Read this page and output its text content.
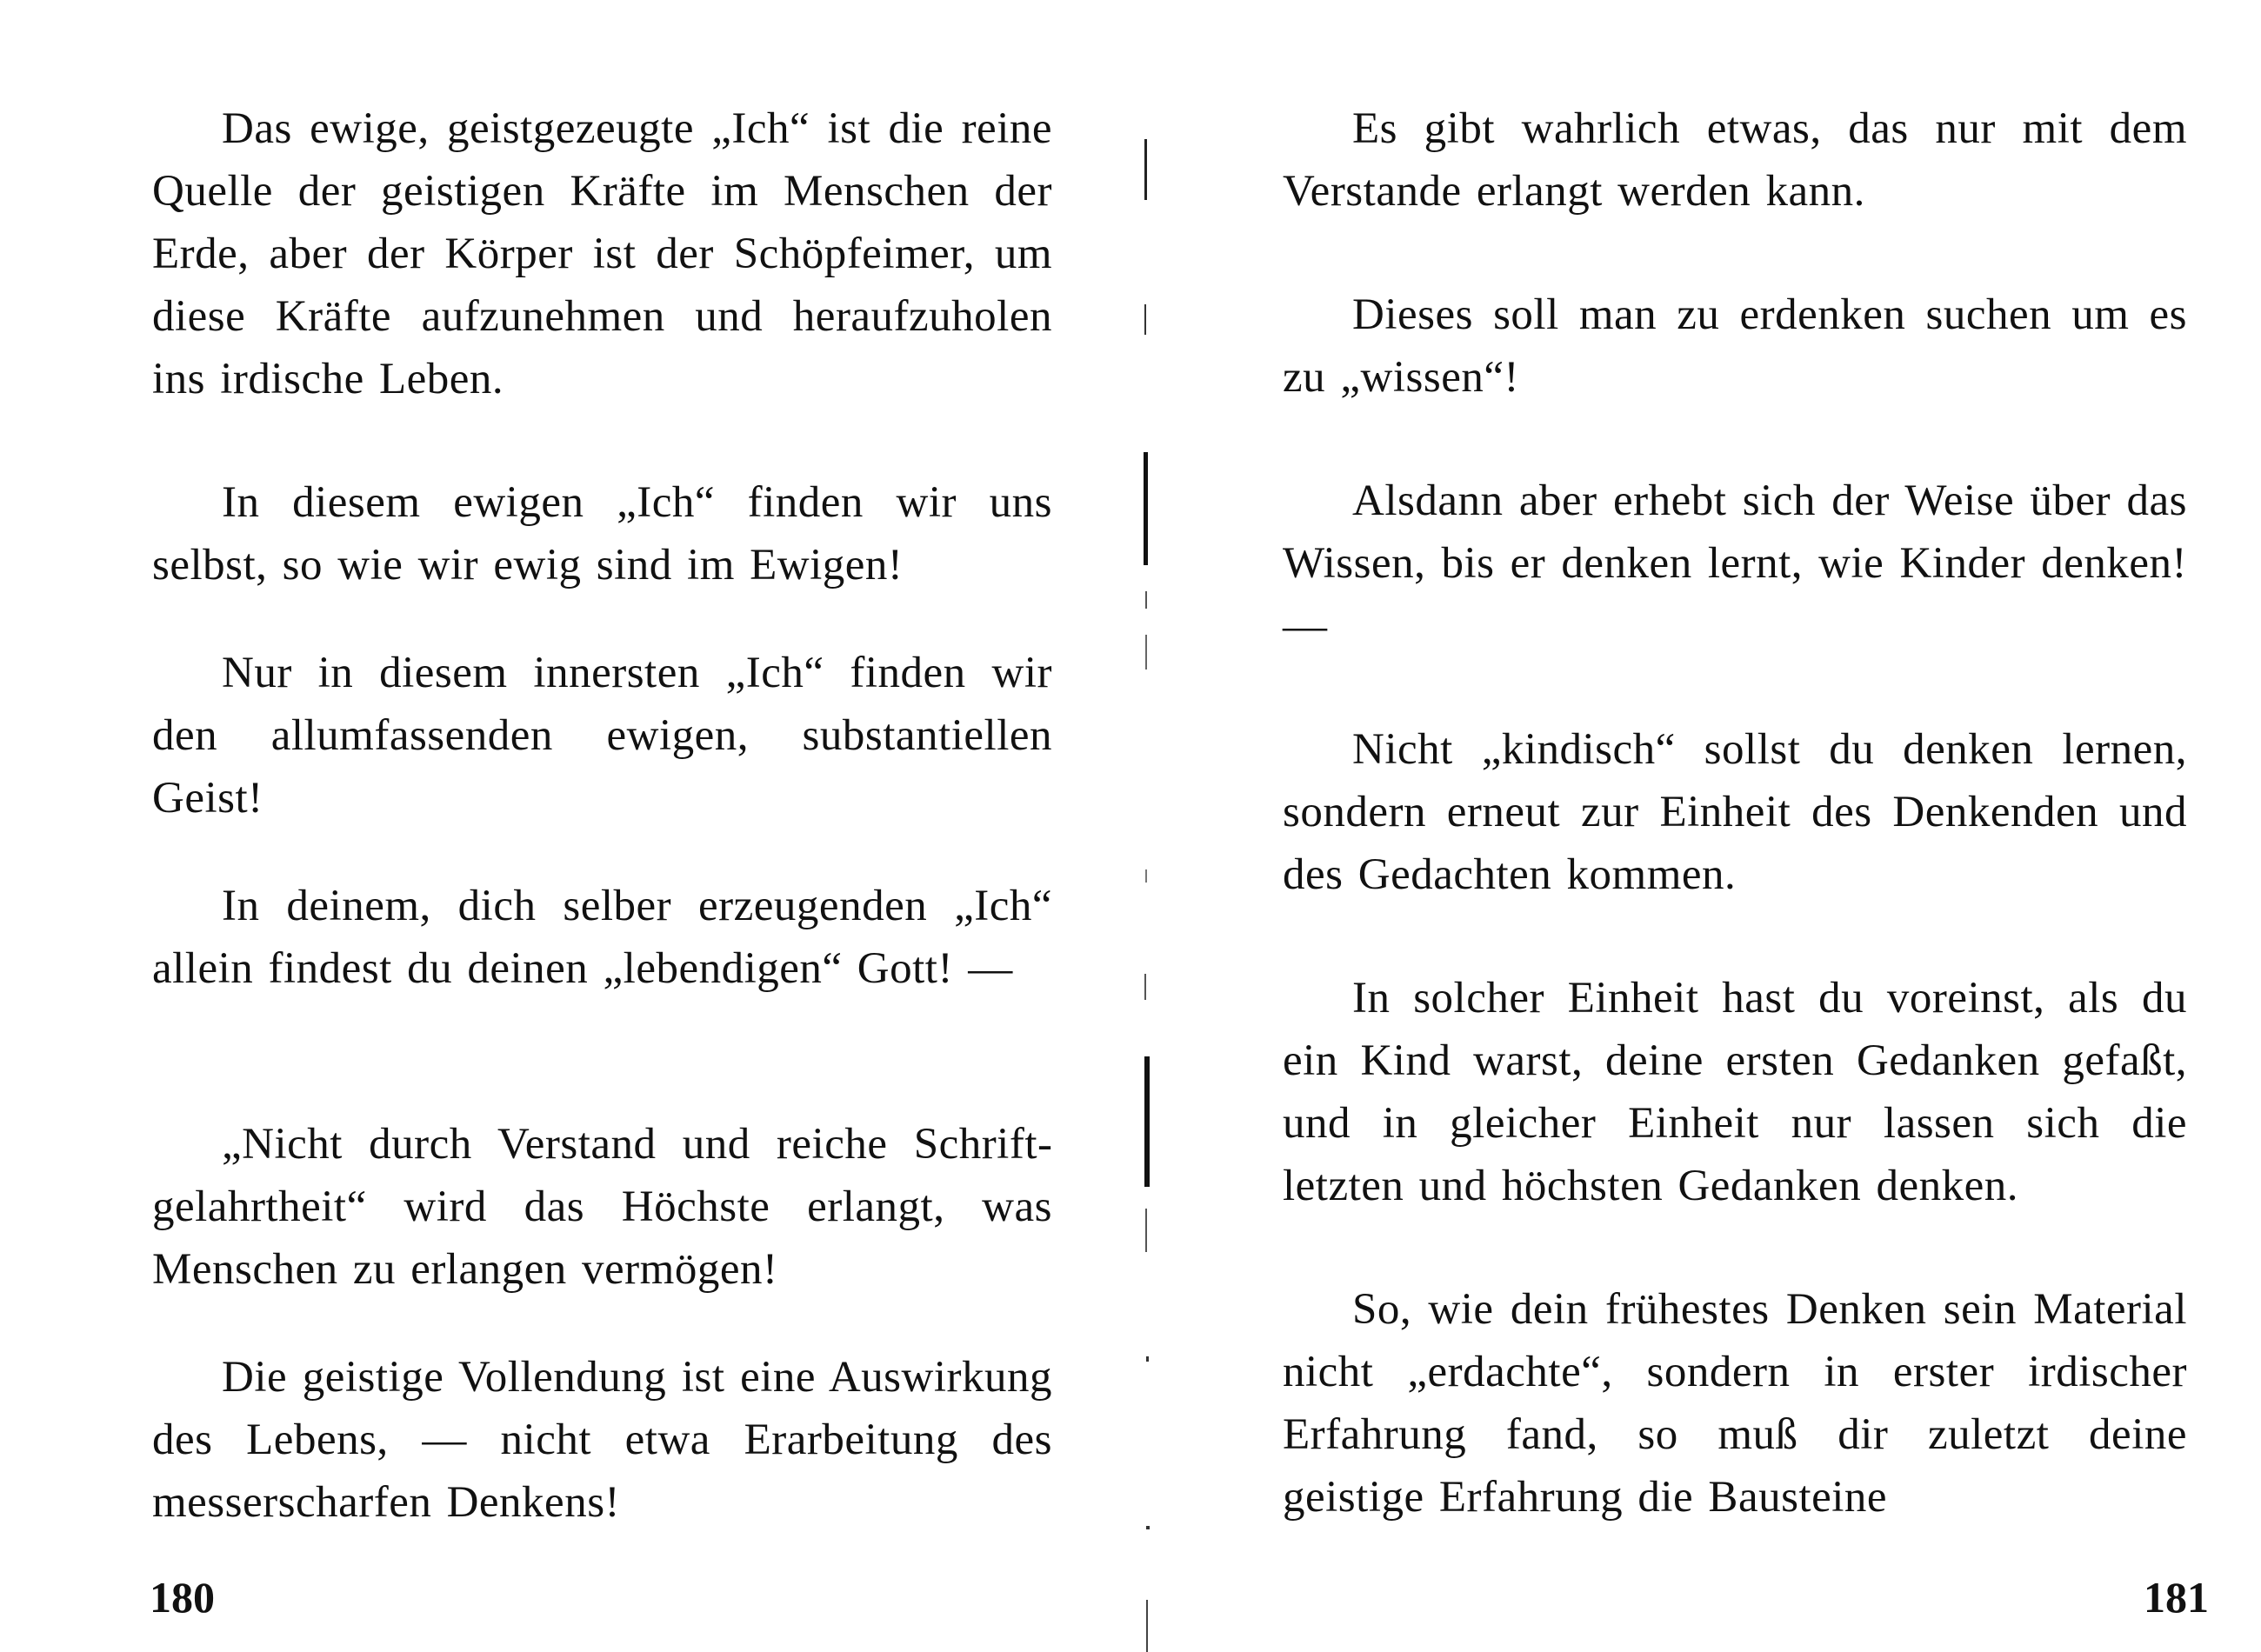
Das ewige, geistgezeugte „Ich“ ist die reine Quelle der geistigen Kräfte im Menschen der Erde, aber der Körper ist der Schöpfeimer, um diese Kräfte aufzunehmen und heraufzuholen ins irdische Leben.

In diesem ewigen „Ich“ finden wir uns selbst, so wie wir ewig sind im Ewigen!

Nur in diesem innersten „Ich“ finden wir den allumfassenden ewigen, substantiellen Geist!

In deinem, dich selber erzeugenden „Ich“ allein findest du deinen „lebendigen“ Gott! —

„Nicht durch Verstand und reiche Schriftgelahrtheit“ wird das Höchste erlangt, was Menschen zu erlangen vermögen!

Die geistige Vollendung ist eine Auswirkung des Lebens, — nicht etwa Erarbeitung des messerscharfen Denkens!

180

Es gibt wahrlich etwas, das nur mit dem Verstande erlangt werden kann.

Dieses soll man zu erdenken suchen um es zu „wissen“!

Alsdann aber erhebt sich der Weise über das Wissen, bis er denken lernt, wie Kinder denken! —

Nicht „kindisch“ sollst du denken lernen, sondern erneut zur Einheit des Denkenden und des Gedachten kommen.

In solcher Einheit hast du voreinst, als du ein Kind warst, deine ersten Gedanken gefaßt, und in gleicher Einheit nur lassen sich die letzten und höchsten Gedanken denken.

So, wie dein frühestes Denken sein Material nicht „erdachte“, sondern in erster irdischer Erfahrung fand, so muß dir zuletzt deine geistige Erfahrung die Bausteine

181
